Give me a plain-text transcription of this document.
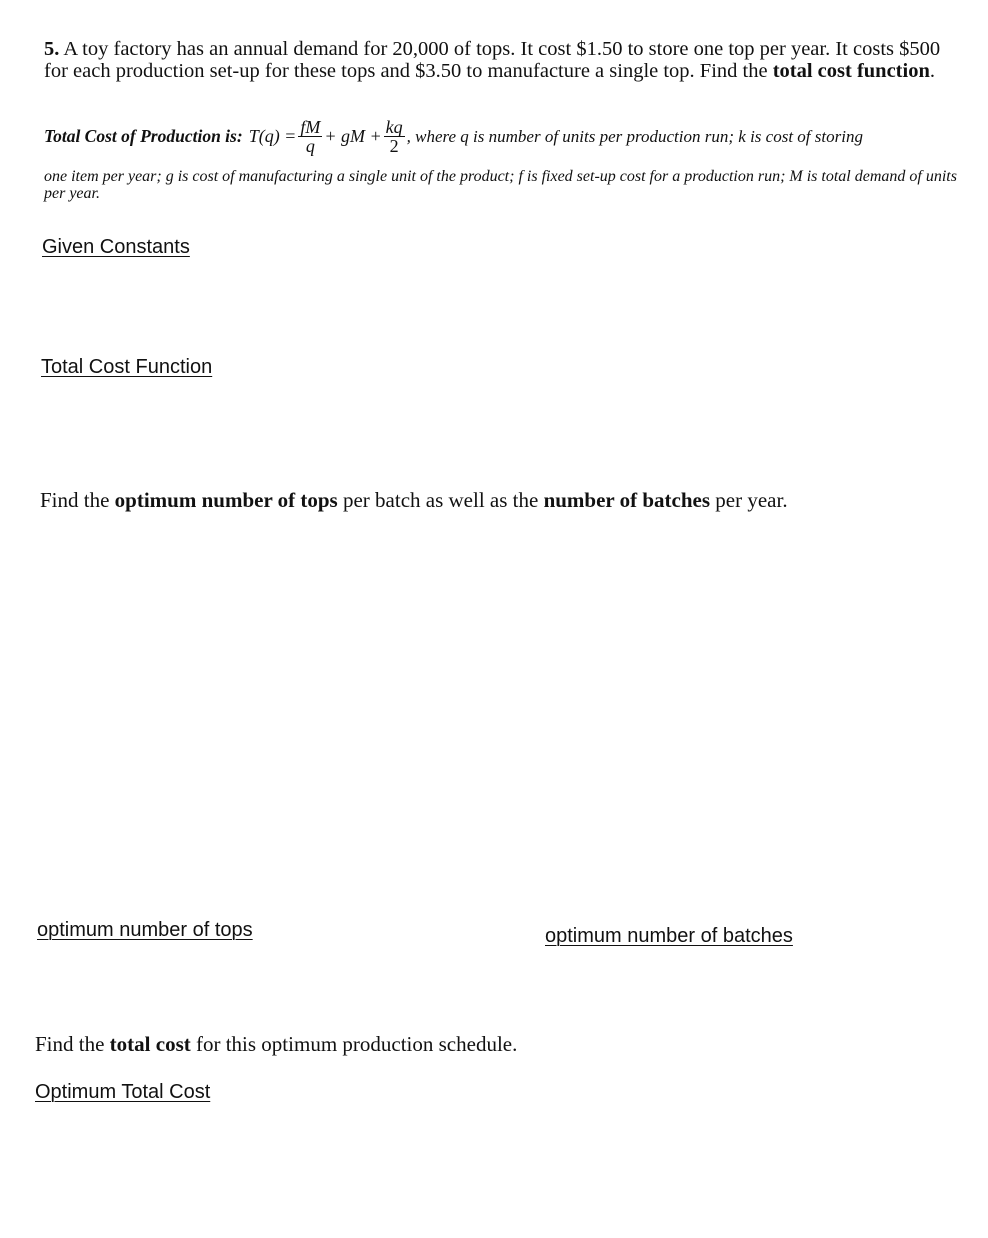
5. A toy factory has an annual demand for 20,000 of tops. It cost $1.50 to store one top per year. It costs $500 for each production set-up for these tops and $3.50 to manufacture a single top. Find the total cost function.
Total Cost of Production is: $T(q) = \frac{fM}{q}$ + gM + $\frac{kq}{2}$ , where q is number of units per production run; k is cost of storing
one item per year; g is cost of manufacturing a single unit of the product; f is fixed set-up cost for a production run; M is total demand of units per year.
Given Constants
Total Cost Function
Find the optimum number of tops per batch as well as the number of batches per year.
optimum number of tops	optimum number of batches
Find the total cost for this optimum production schedule.
Optimum Total Cost
